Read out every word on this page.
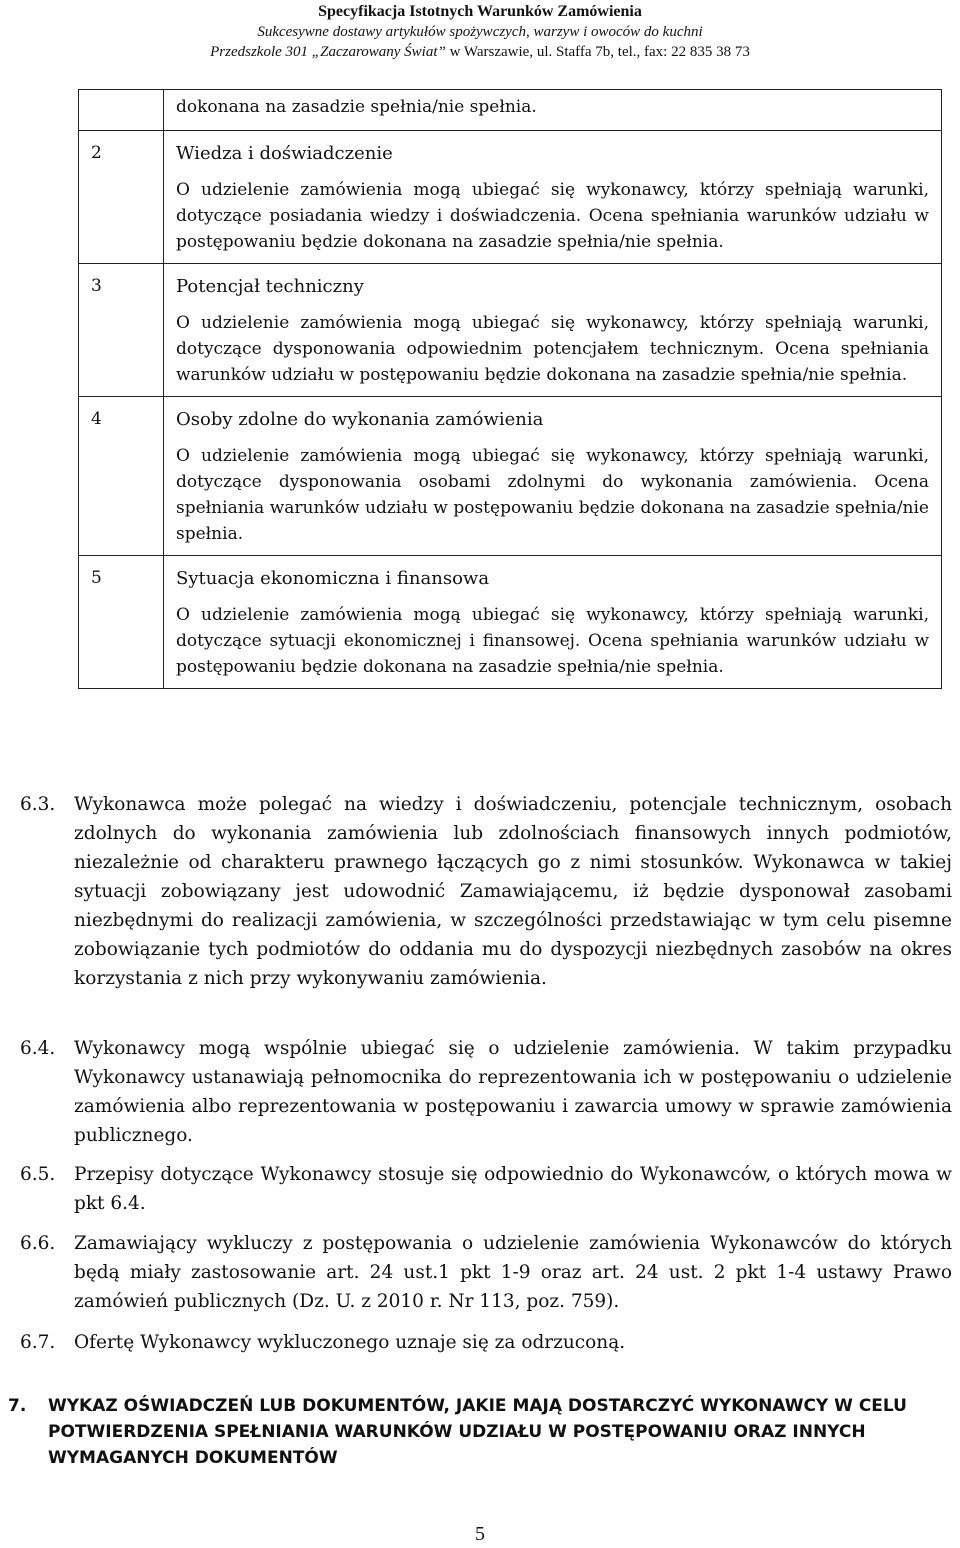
Specyfikacja Istotnych Warunków Zamówienia
Sukcesywne dostawy artykułów spożywczych, warzyw i owoców do kuchni
Przedszkole 301 „Zaczarowany Świat” w Warszawie, ul. Staffa 7b, tel., fax: 22 835 38 73

	dokonana na zasadzie spełnia/nie spełnia.

2	Wiedza i doświadczenie
O udzielenie zamówienia mogą ubiegać się wykonawcy, którzy spełniają warunki, dotyczące posiadania wiedzy i doświadczenia. Ocena spełniania warunków udziału w postępowaniu będzie dokonana na zasadzie spełnia/nie spełnia.

3	Potencjał techniczny
O udzielenie zamówienia mogą ubiegać się wykonawcy, którzy spełniają warunki, dotyczące dysponowania odpowiednim potencjałem technicznym. Ocena spełniania warunków udziału w postępowaniu będzie dokonana na zasadzie spełnia/nie spełnia.

4	Osoby zdolne do wykonania zamówienia
O udzielenie zamówienia mogą ubiegać się wykonawcy, którzy spełniają warunki, dotyczące dysponowania osobami zdolnymi do wykonania zamówienia. Ocena spełniania warunków udziału w postępowaniu będzie dokonana na zasadzie spełnia/nie spełnia.

5	Sytuacja ekonomiczna i finansowa
O udzielenie zamówienia mogą ubiegać się wykonawcy, którzy spełniają warunki, dotyczące sytuacji ekonomicznej i finansowej. Ocena spełniania warunków udziału w postępowaniu będzie dokonana na zasadzie spełnia/nie spełnia.
6.3. Wykonawca może polegać na wiedzy i doświadczeniu, potencjale technicznym, osobach zdolnych do wykonania zamówienia lub zdolnościach finansowych innych podmiotów, niezależnie od charakteru prawnego łączących go z nimi stosunków. Wykonawca w takiej sytuacji zobowiązany jest udowodnić Zamawiającemu, iż będzie dysponował zasobami niezbędnymi do realizacji zamówienia, w szczególności przedstawiając w tym celu pisemne zobowiązanie tych podmiotów do oddania mu do dyspozycji niezbędnych zasobów na okres korzystania z nich przy wykonywaniu zamówienia.
6.4. Wykonawcy mogą wspólnie ubiegać się o udzielenie zamówienia. W takim przypadku Wykonawcy ustanawiają pełnomocnika do reprezentowania ich w postępowaniu o udzielenie zamówienia albo reprezentowania w postępowaniu i zawarcia umowy w sprawie zamówienia publicznego.
6.5. Przepisy dotyczące Wykonawcy stosuje się odpowiednio do Wykonawców, o których mowa w pkt 6.4.
6.6. Zamawiający wykluczy z postępowania o udzielenie zamówienia Wykonawców do których będą miały zastosowanie art. 24 ust.1 pkt 1-9 oraz art. 24 ust. 2 pkt 1-4 ustawy Prawo zamówień publicznych (Dz. U. z 2010 r. Nr 113, poz. 759).
6.7. Ofertę Wykonawcy wykluczonego uznaje się za odrzuconą.
7. WYKAZ OŚWIADCZEŃ LUB DOKUMENTÓW, JAKIE MAJĄ DOSTARCZYĆ WYKONAWCY W CELU POTWIERDZENIA SPEŁNIANIA WARUNKÓW UDZIAŁU W POSTĘPOWANIU ORAZ INNYCH WYMAGANYCH DOKUMENTÓW
5
